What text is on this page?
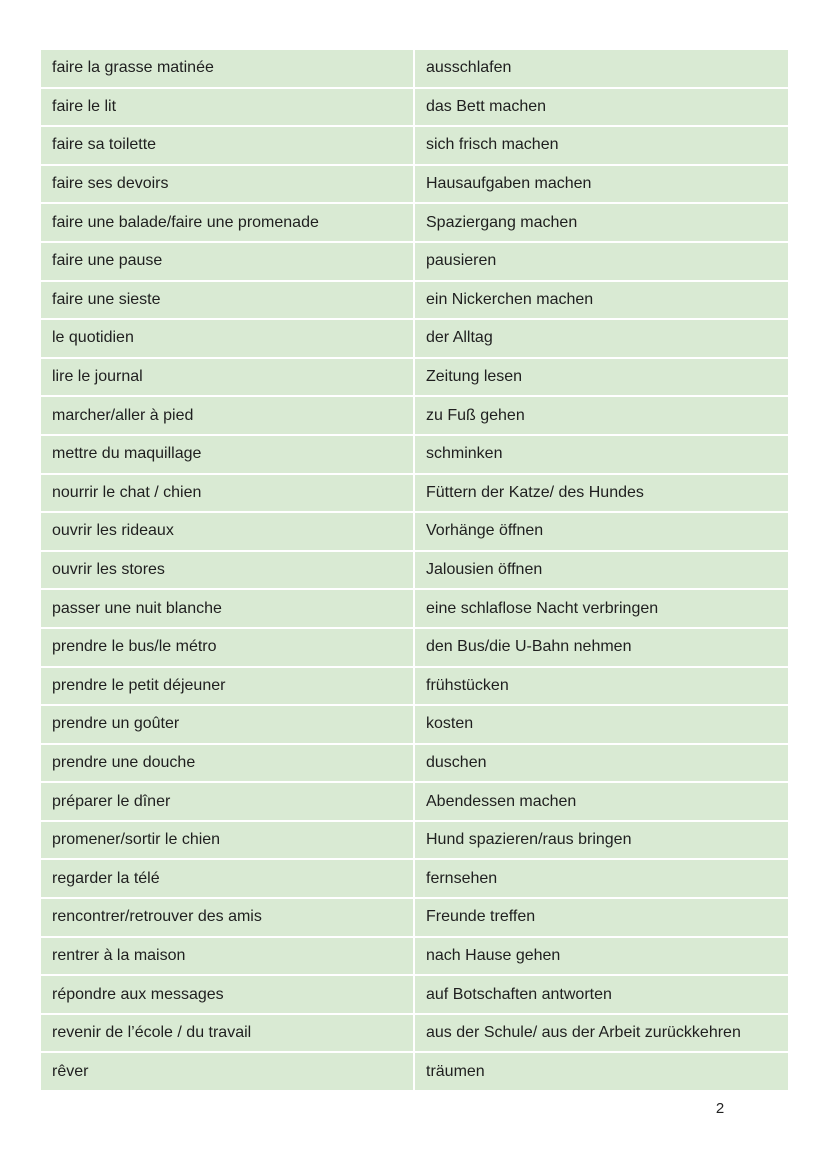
faire la grasse matinée	ausschlafen
faire le lit	das Bett machen
faire sa toilette	sich frisch machen
faire ses devoirs	Hausaufgaben machen
faire une balade/faire une promenade	Spaziergang machen
faire une pause	pausieren
faire une sieste	ein Nickerchen machen
le quotidien	der Alltag
lire le journal	Zeitung lesen
marcher/aller à pied	zu Fuß gehen
mettre du maquillage	schminken
nourrir le chat / chien	Füttern der Katze/ des Hundes
ouvrir les rideaux	Vorhänge öffnen
ouvrir les stores	Jalousien öffnen
passer une nuit blanche	eine schlaflose Nacht verbringen
prendre le bus/le métro	den Bus/die U-Bahn nehmen
prendre le petit déjeuner	frühstücken
prendre un goûter	kosten
prendre une douche	duschen
préparer le dîner	Abendessen machen
promener/sortir le chien	Hund spazieren/raus bringen
regarder la télé	fernsehen
rencontrer/retrouver des amis	Freunde treffen
rentrer à la maison	nach Hause gehen
répondre aux messages	auf Botschaften antworten
revenir de l’école / du travail	aus der Schule/ aus der Arbeit zurückkehren
rêver	träumen
2
